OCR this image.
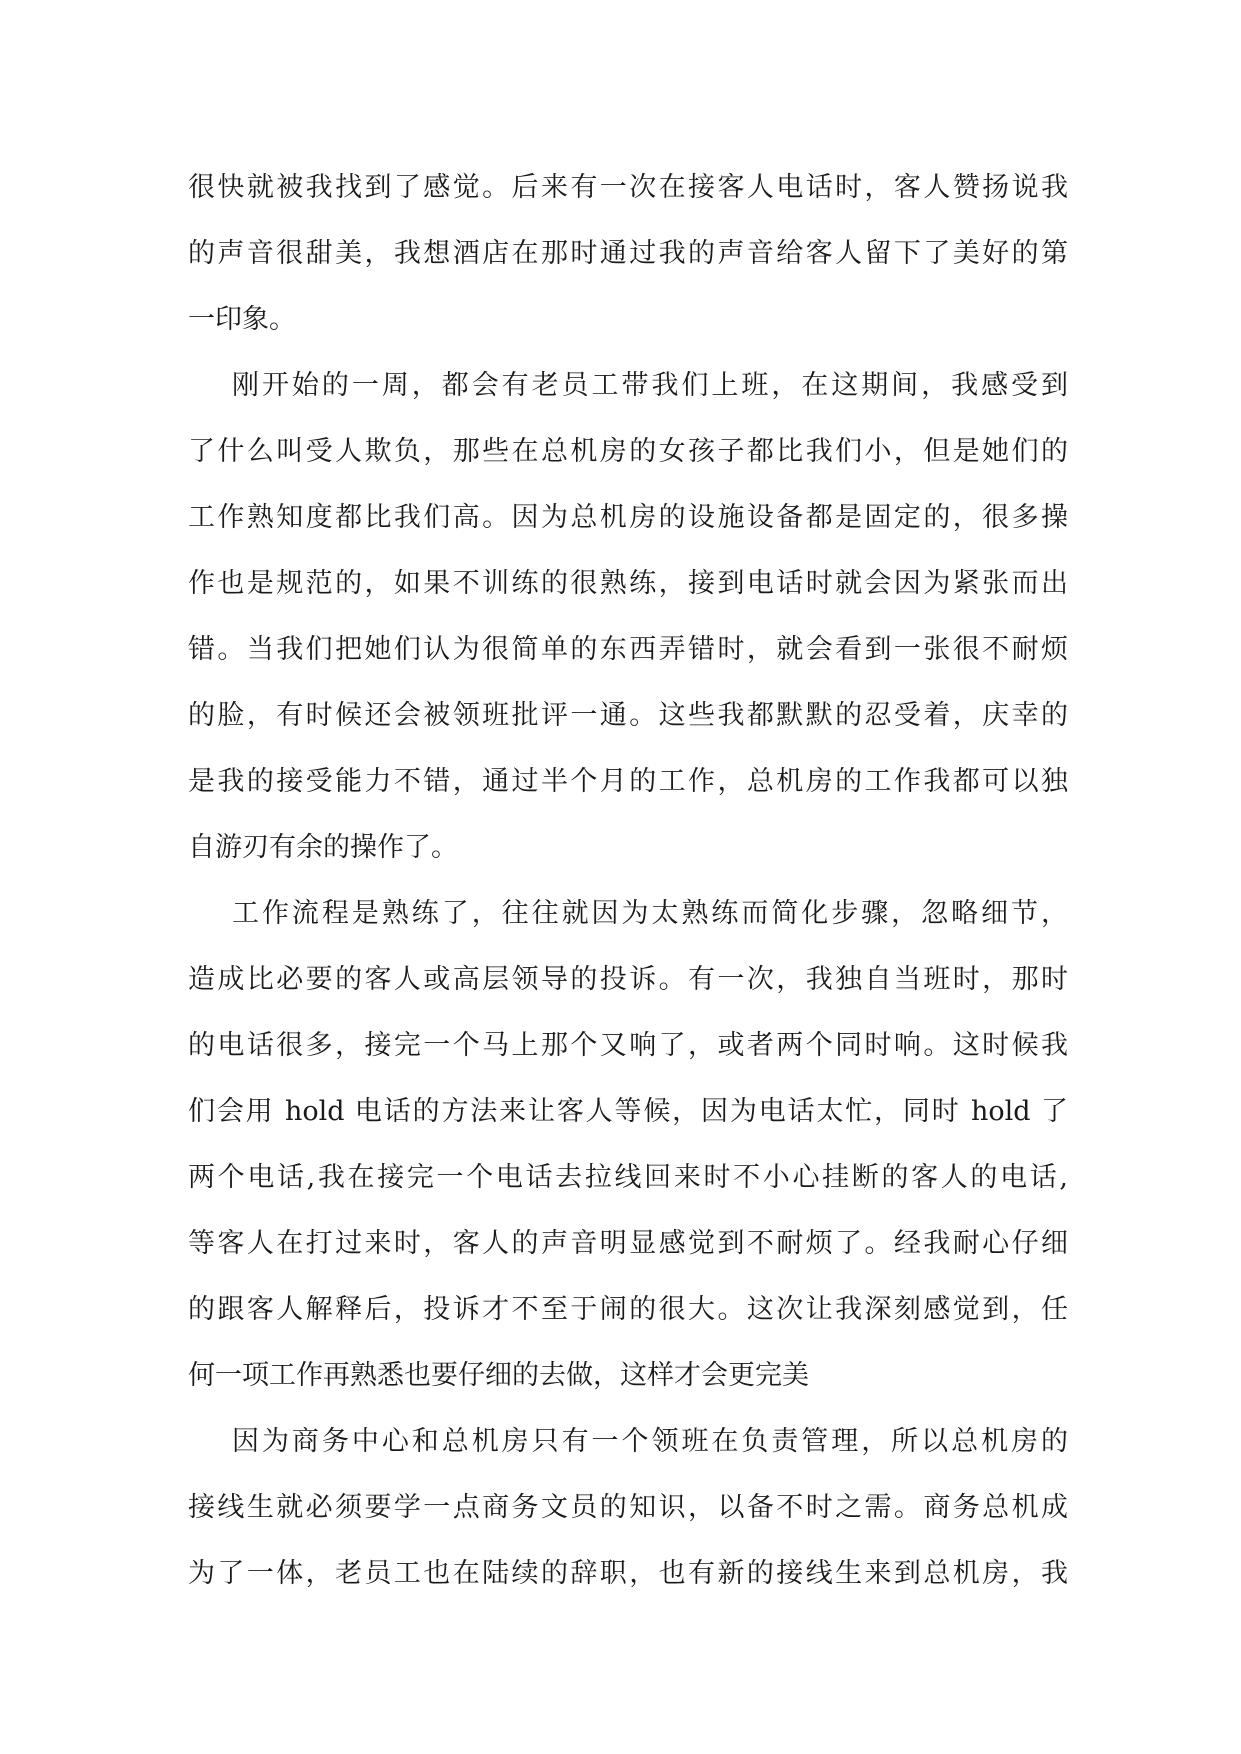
很快就被我找到了感觉。后来有一次在接客人电话时，客人赞扬说我
的声音很甜美，我想酒店在那时通过我的声音给客人留下了美好的第
一印象。
刚开始的一周，都会有老员工带我们上班，在这期间，我感受到
了什么叫受人欺负，那些在总机房的女孩子都比我们小，但是她们的
工作熟知度都比我们高。因为总机房的设施设备都是固定的，很多操
作也是规范的，如果不训练的很熟练，接到电话时就会因为紧张而出
错。当我们把她们认为很简单的东西弄错时，就会看到一张很不耐烦
的脸，有时候还会被领班批评一通。这些我都默默的忍受着，庆幸的
是我的接受能力不错，通过半个月的工作，总机房的工作我都可以独
自游刃有余的操作了。
工作流程是熟练了，往往就因为太熟练而简化步骤，忽略细节，
造成比必要的客人或高层领导的投诉。有一次，我独自当班时，那时
的电话很多，接完一个马上那个又响了，或者两个同时响。这时候我
们会用 hold 电话的方法来让客人等候，因为电话太忙，同时 hold 了
两个电话,我在接完一个电话去拉线回来时不小心挂断的客人的电话,
等客人在打过来时，客人的声音明显感觉到不耐烦了。经我耐心仔细
的跟客人解释后，投诉才不至于闹的很大。这次让我深刻感觉到，任
何一项工作再熟悉也要仔细的去做，这样才会更完美
因为商务中心和总机房只有一个领班在负责管理，所以总机房的
接线生就必须要学一点商务文员的知识，以备不时之需。商务总机成
为了一体，老员工也在陆续的辞职，也有新的接线生来到总机房，我
